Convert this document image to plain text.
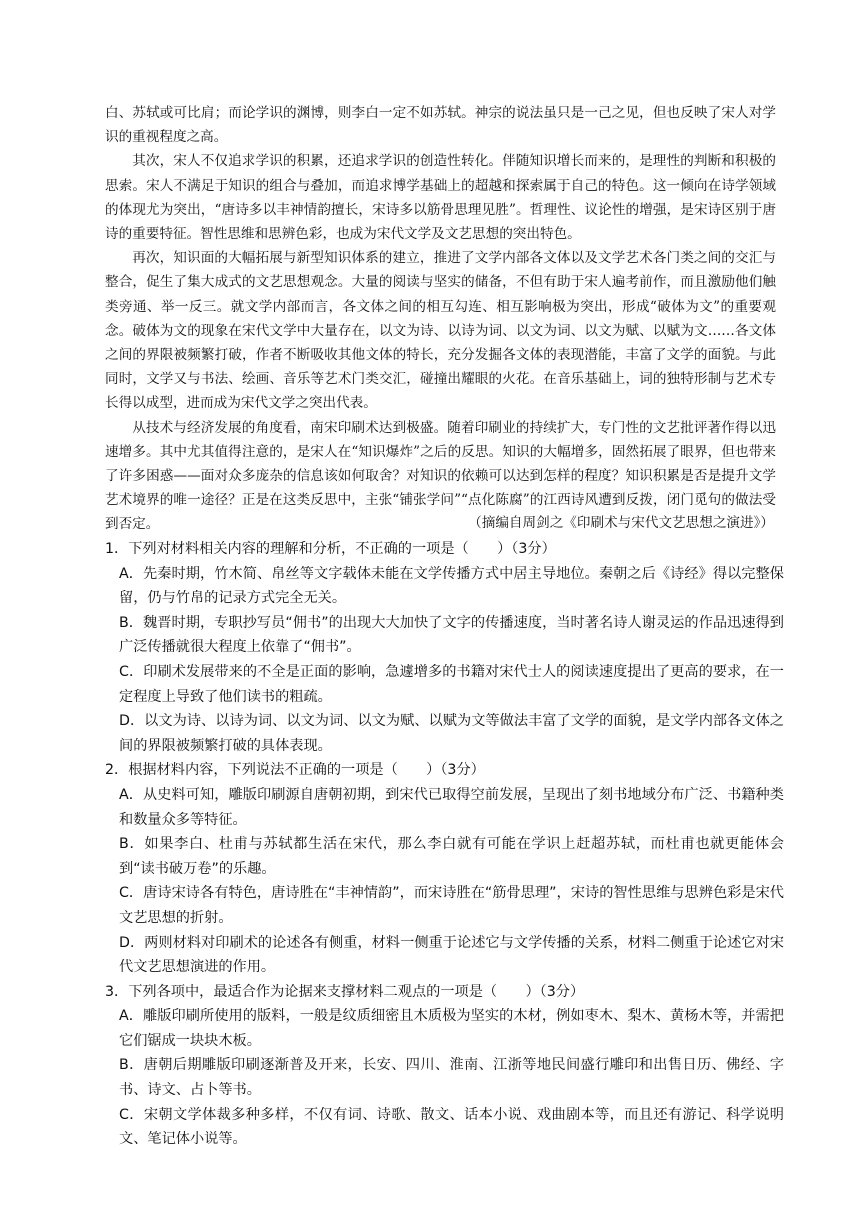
白、苏轼或可比肩；而论学识的渊博，则李白一定不如苏轼。神宗的说法虽只是一己之见，但也反映了宋人对学识的重视程度之高。

其次，宋人不仅追求学识的积累，还追求学识的创造性转化。伴随知识增长而来的，是理性的判断和积极的思索。宋人不满足于知识的组合与叠加，而追求博学基础上的超越和探索属于自己的特色。这一倾向在诗学领域的体现尤为突出，“唐诗多以丰神情韵擅长，宋诗多以筋骨思理见胜”。哲理性、议论性的增强，是宋诗区别于唐诗的重要特征。智性思维和思辨色彩，也成为宋代文学及文艺思想的突出特色。

再次，知识面的大幅拓展与新型知识体系的建立，推进了文学内部各文体以及文学艺术各门类之间的交汇与整合，促生了集大成式的文艺思想观念。大量的阅读与坚实的储备，不但有助于宋人遍考前作，而且激励他们触类旁通、举一反三。就文学内部而言，各文体之间的相互勾连、相互影响极为突出，形成“破体为文”的重要观念。破体为文的现象在宋代文学中大量存在，以文为诗、以诗为词、以文为词、以文为赋、以赋为文……各文体之间的界限被频繁打破，作者不断吸收其他文体的特长，充分发掘各文体的表现潜能，丰富了文学的面貌。与此同时，文学又与书法、绘画、音乐等艺术门类交汇，碰撞出耀眼的火花。在音乐基础上，词的独特形制与艺术专长得以成型，进而成为宋代文学之突出代表。

从技术与经济发展的角度看，南宋印刷术达到极盛。随着印刷业的持续扩大，专门性的文艺批评著作得以迅速增多。其中尤其值得注意的，是宋人在“知识爆炸”之后的反思。知识的大幅增多，固然拓展了眼界，但也带来了许多困惑——面对众多庞杂的信息该如何取舍？对知识的依赖可以达到怎样的程度？知识积累是否是提升文学艺术境界的唯一途径？正是在这类反思中，主张“铺张学问”“点化陈腐”的江西诗风遭到反拨，闭门觅句的做法受到否定。	（摘编自周剑之《印刷术与宋代文艺思想之演进》）

1．下列对材料相关内容的理解和分析，不正确的一项是（　　）（3分）

A．先秦时期，竹木简、帛丝等文字载体未能在文学传播方式中居主导地位。秦朝之后《诗经》得以完整保留，仍与竹帛的记录方式完全无关。

B．魏晋时期，专职抄写员“佣书”的出现大大加快了文字的传播速度，当时著名诗人谢灵运的作品迅速得到广泛传播就很大程度上依靠了“佣书”。

C．印刷术发展带来的不全是正面的影响，急遽增多的书籍对宋代士人的阅读速度提出了更高的要求，在一定程度上导致了他们读书的粗疏。

D．以文为诗、以诗为词、以文为词、以文为赋、以赋为文等做法丰富了文学的面貌，是文学内部各文体之间的界限被频繁打破的具体表现。

2．根据材料内容，下列说法不正确的一项是（　　）（3分）

A．从史料可知，雕版印刷源自唐朝初期，到宋代已取得空前发展，呈现出了刻书地域分布广泛、书籍种类和数量众多等特征。

B．如果李白、杜甫与苏轼都生活在宋代，那么李白就有可能在学识上赶超苏轼，而杜甫也就更能体会到“读书破万卷”的乐趣。

C．唐诗宋诗各有特色，唐诗胜在“丰神情韵”，而宋诗胜在“筋骨思理”，宋诗的智性思维与思辨色彩是宋代文艺思想的折射。

D．两则材料对印刷术的论述各有侧重，材料一侧重于论述它与文学传播的关系，材料二侧重于论述它对宋代文艺思想演进的作用。

3．下列各项中，最适合作为论据来支撑材料二观点的一项是（　　）（3分）

A．雕版印刷所使用的版料，一般是纹质细密且木质极为坚实的木材，例如枣木、梨木、黄杨木等，并需把它们锯成一块块木板。

B．唐朝后期雕版印刷逐渐普及开来，长安、四川、淮南、江浙等地民间盛行雕印和出售日历、佛经、字书、诗文、占卜等书。

C．宋朝文学体裁多种多样，不仅有词、诗歌、散文、话本小说、戏曲剧本等，而且还有游记、科学说明文、笔记体小说等。
